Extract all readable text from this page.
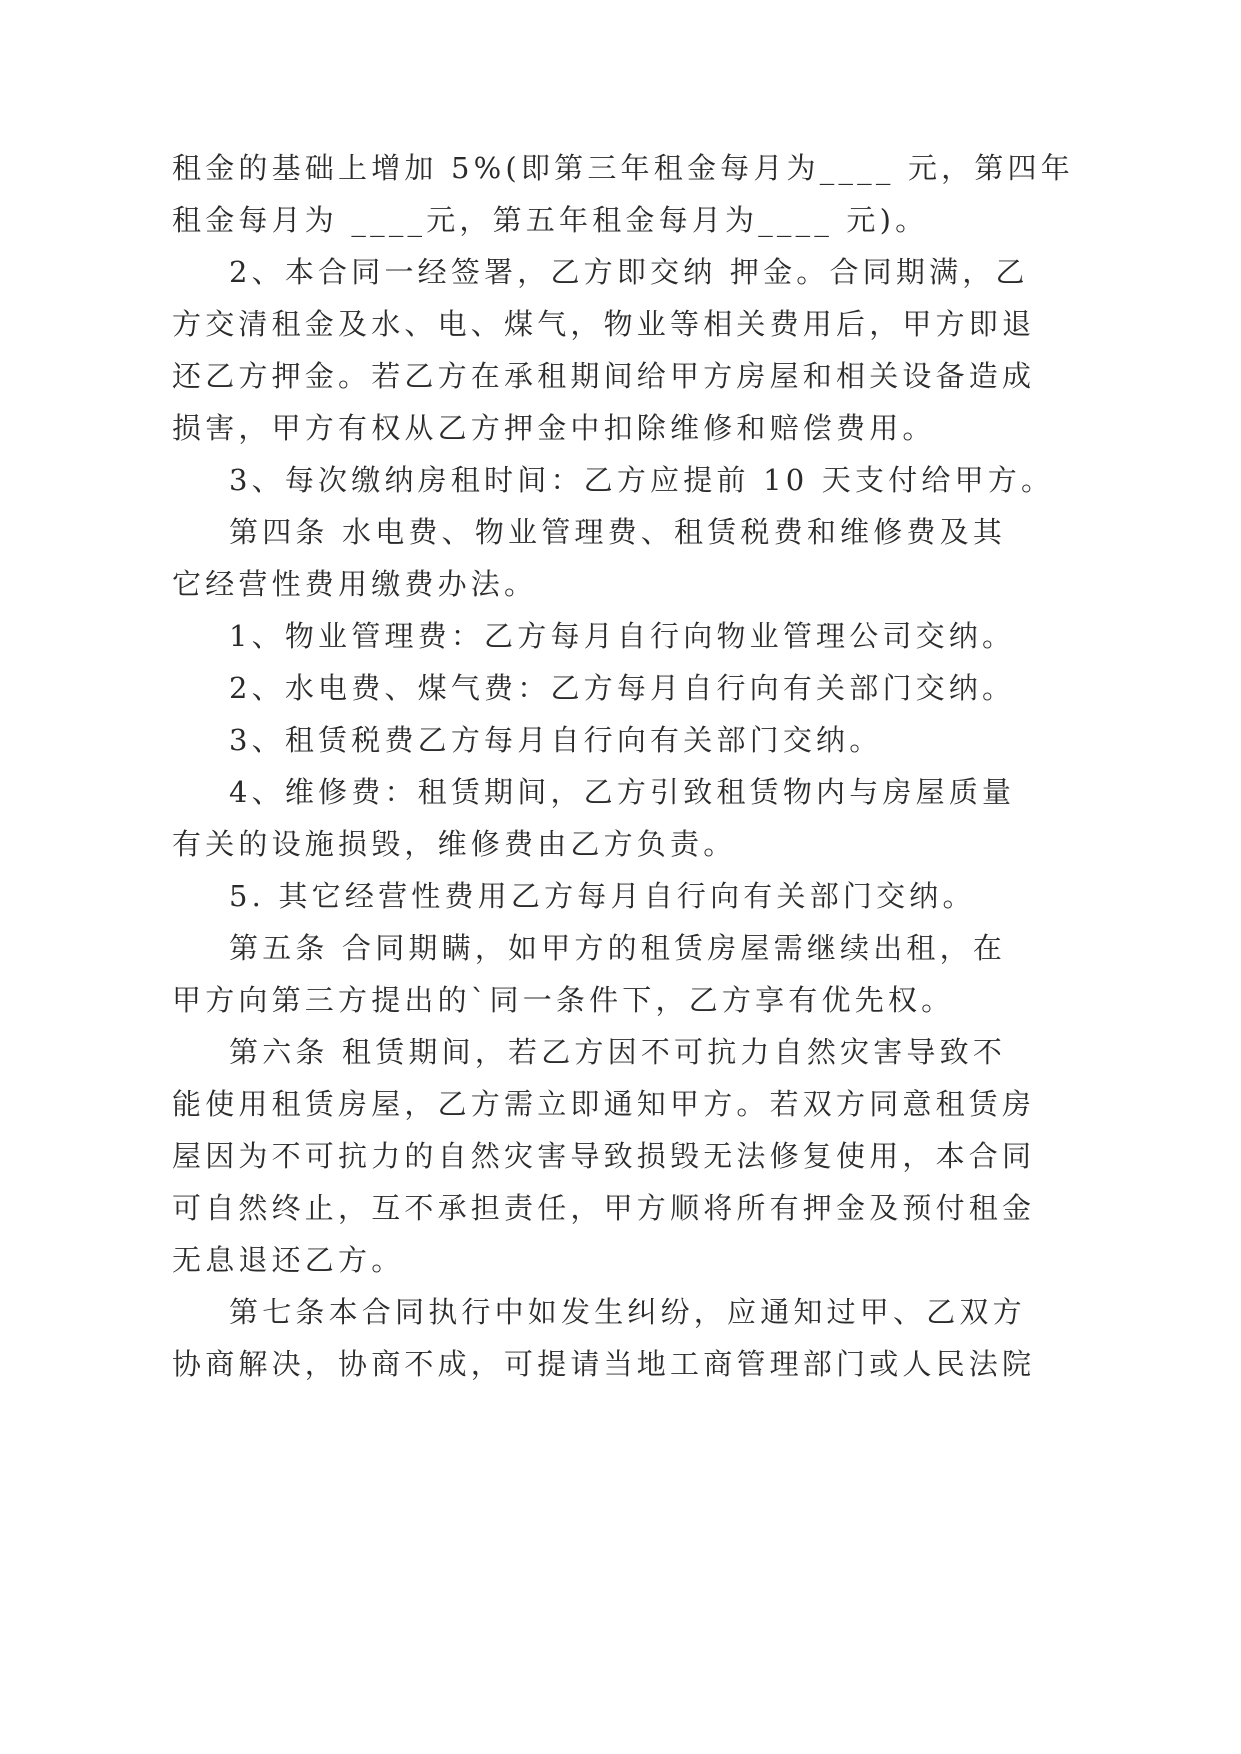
租金的基础上增加 5%(即第三年租金每月为____ 元，第四年
租金每月为 ____元，第五年租金每月为____ 元)。
2、本合同一经签署，乙方即交纳 押金。合同期满，乙
方交清租金及水、电、煤气，物业等相关费用后，甲方即退
还乙方押金。若乙方在承租期间给甲方房屋和相关设备造成
损害，甲方有权从乙方押金中扣除维修和赔偿费用。
3、每次缴纳房租时间：乙方应提前 10 天支付给甲方。
第四条 水电费、物业管理费、租赁税费和维修费及其
它经营性费用缴费办法。
1、物业管理费：乙方每月自行向物业管理公司交纳。
2、水电费、煤气费：乙方每月自行向有关部门交纳。
3、租赁税费乙方每月自行向有关部门交纳。
4、维修费：租赁期间，乙方引致租赁物内与房屋质量
有关的设施损毁，维修费由乙方负责。
5. 其它经营性费用乙方每月自行向有关部门交纳。
第五条 合同期瞒，如甲方的租赁房屋需继续出租，在
甲方向第三方提出的`同一条件下，乙方享有优先权。
第六条 租赁期间，若乙方因不可抗力自然灾害导致不
能使用租赁房屋，乙方需立即通知甲方。若双方同意租赁房
屋因为不可抗力的自然灾害导致损毁无法修复使用，本合同
可自然终止，互不承担责任，甲方顺将所有押金及预付租金
无息退还乙方。
第七条本合同执行中如发生纠纷，应通知过甲、乙双方
协商解决，协商不成，可提请当地工商管理部门或人民法院
